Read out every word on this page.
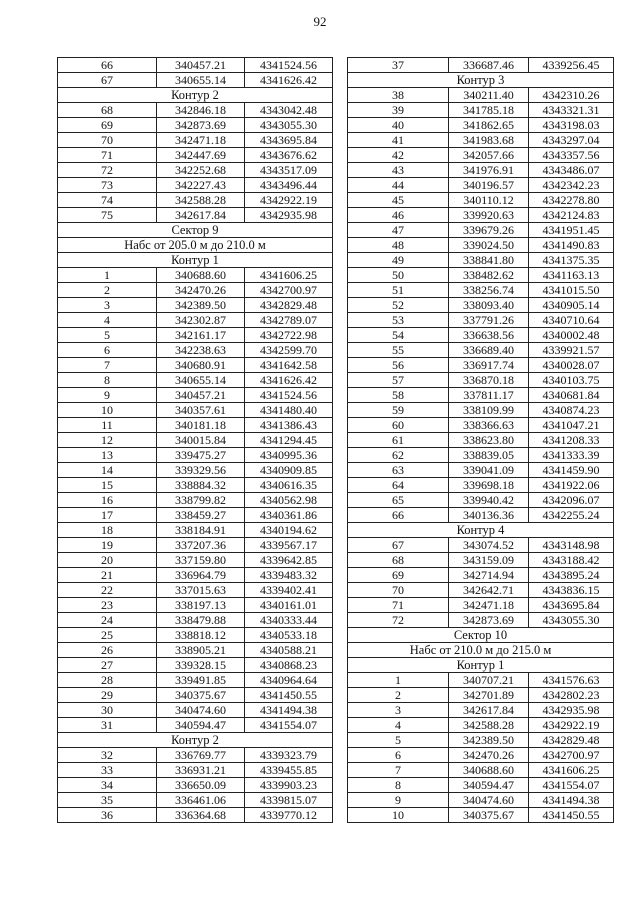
92
66	340457.21	4341524.56
67	340655.14	4341626.42
Контур 2		
68	342846.18	4343042.48
69	342873.69	4343055.30
70	342471.18	4343695.84
71	342447.69	4343676.62
72	342252.68	4343517.09
73	342227.43	4343496.44
74	342588.28	4342922.19
75	342617.84	4342935.98
Сектор 9		
Набс от 205.0 м до 210.0 м		
Контур 1		
1	340688.60	4341606.25
2	342470.26	4342700.97
3	342389.50	4342829.48
4	342302.87	4342789.07
5	342161.17	4342722.98
6	342238.63	4342599.70
7	340680.91	4341642.58
8	340655.14	4341626.42
9	340457.21	4341524.56
10	340357.61	4341480.40
11	340181.18	4341386.43
12	340015.84	4341294.45
13	339475.27	4340995.36
14	339329.56	4340909.85
15	338884.32	4340616.35
16	338799.82	4340562.98
17	338459.27	4340361.86
18	338184.91	4340194.62
19	337207.36	4339567.17
20	337159.80	4339642.85
21	336964.79	4339483.32
22	337015.63	4339402.41
23	338197.13	4340161.01
24	338479.88	4340333.44
25	338818.12	4340533.18
26	338905.21	4340588.21
27	339328.15	4340868.23
28	339491.85	4340964.64
29	340375.67	4341450.55
30	340474.60	4341494.38
31	340594.47	4341554.07
Контур 2		
32	336769.77	4339323.79
33	336931.21	4339455.85
34	336650.09	4339903.23
35	336461.06	4339815.07
36	336364.68	4339770.12
37	336687.46	4339256.45
Контур 3		
38	340211.40	4342310.26
39	341785.18	4343321.31
40	341862.65	4343198.03
41	341983.68	4343297.04
42	342057.66	4343357.56
43	341976.91	4343486.07
44	340196.57	4342342.23
45	340110.12	4342278.80
46	339920.63	4342124.83
47	339679.26	4341951.45
48	339024.50	4341490.83
49	338841.80	4341375.35
50	338482.62	4341163.13
51	338256.74	4341015.50
52	338093.40	4340905.14
53	337791.26	4340710.64
54	336638.56	4340002.48
55	336689.40	4339921.57
56	336917.74	4340028.07
57	336870.18	4340103.75
58	337811.17	4340681.84
59	338109.99	4340874.23
60	338366.63	4341047.21
61	338623.80	4341208.33
62	338839.05	4341333.39
63	339041.09	4341459.90
64	339698.18	4341922.06
65	339940.42	4342096.07
66	340136.36	4342255.24
Контур 4		
67	343074.52	4343148.98
68	343159.09	4343188.42
69	342714.94	4343895.24
70	342642.71	4343836.15
71	342471.18	4343695.84
72	342873.69	4343055.30
Сектор 10		
Набс от 210.0 м до 215.0 м		
Контур 1		
1	340707.21	4341576.63
2	342701.89	4342802.23
3	342617.84	4342935.98
4	342588.28	4342922.19
5	342389.50	4342829.48
6	342470.26	4342700.97
7	340688.60	4341606.25
8	340594.47	4341554.07
9	340474.60	4341494.38
10	340375.67	4341450.55
